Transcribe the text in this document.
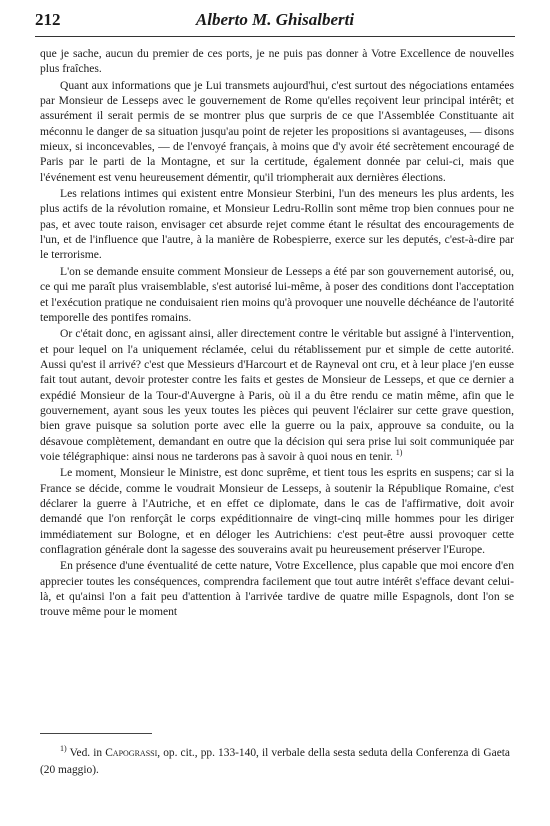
212	Alberto M. Ghisalberti

que je sache, aucun du premier de ces ports, je ne puis pas donner à Votre Excellence de nouvelles plus fraîches.

Quant aux informations que je Lui transmets aujourd'hui, c'est surtout des négociations entamées par Monsieur de Lesseps avec le gouvernement de Rome qu'elles reçoivent leur principal intérêt; et assurément il serait permis de se montrer plus que surpris de ce que l'Assemblée Constituante ait méconnu le danger de sa situation jusqu'au point de rejeter les propositions si avantageuses, — disons mieux, si inconcevables, — de l'envoyé français, à moins que d'y avoir été secrètement encouragé de Paris par le parti de la Montagne, et sur la certitude, également donnée par celui-ci, mais que l'événement est venu heureusement démentir, qu'il triompherait aux dernières élections.

Les relations intimes qui existent entre Monsieur Sterbini, l'un des meneurs les plus ardents, les plus actifs de la révolution romaine, et Monsieur Ledru-Rollin sont même trop bien connues pour ne pas, et avec toute raison, envisager cet absurde rejet comme étant le résultat des encouragements de l'un, et de l'influence que l'autre, à la manière de Robespierre, exerce sur les deputés, c'est-à-dire par le terrorisme.

L'on se demande ensuite comment Monsieur de Lesseps a été par son gouvernement autorisé, ou, ce qui me paraît plus vraisemblable, s'est autorisé lui-même, à poser des conditions dont l'acceptation et l'exécution pratique ne conduisaient rien moins qu'à provoquer une nouvelle déchéance de l'autorité temporelle des pontifes romains.

Or c'était donc, en agissant ainsi, aller directement contre le véritable but assigné à l'intervention, et pour lequel on l'a uniquement réclamée, celui du rétablissement pur et simple de cette autorité. Aussi qu'est il arrivé? c'est que Messieurs d'Harcourt et de Rayneval ont cru, et à leur place j'en eusse fait tout autant, devoir protester contre les faits et gestes de Monsieur de Lesseps, et que ce dernier a expédié Monsieur de la Tour-d'Auvergne à Paris, où il a du être rendu ce matin même, afin que le gouvernement, ayant sous les yeux toutes les pièces qui peuvent l'éclairer sur cette grave question, bien grave puisque sa solution porte avec elle la guerre ou la paix, approuve sa conduite, ou la désavoue complètement, demandant en outre que la décision qui sera prise lui soit communiquée par voie télégraphique: ainsi nous ne tarderons pas à savoir à quoi nous en tenir. $^{1)}$

Le moment, Monsieur le Ministre, est donc suprême, et tient tous les esprits en suspens; car si la France se décide, comme le voudrait Monsieur de Lesseps, à soutenir la République Romaine, c'est déclarer la guerre à l'Autriche, et en effet ce diplomate, dans le cas de l'affirmative, doit avoir demandé que l'on renforçât le corps expéditionnaire de vingt-cinq mille hommes pour les diriger immédiatement sur Bologne, et en déloger les Autrichiens: c'est peut-être aussi provoquer cette conflagration générale dont la sagesse des souverains avait pu heureusement préserver l'Europe.

En présence d'une éventualité de cette nature, Votre Excellence, plus capable que moi encore d'en apprecier toutes les conséquences, comprendra facilement que tout autre intérêt s'efface devant celui-là, et qu'ainsi l'on a fait peu d'attention à l'arrivée tardive de quatre mille Espagnols, dont l'on se trouve même pour le moment

$^{1)}$ Ved. in Capograssi, op. cit., pp. 133-140, il verbale della sesta seduta della Conferenza di Gaeta (20 maggio).
